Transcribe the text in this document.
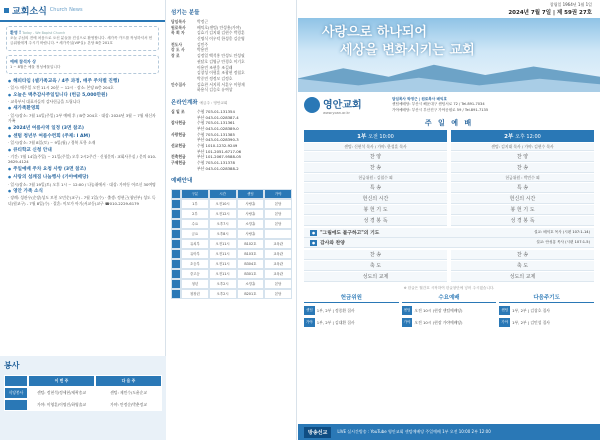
교회소식 Church News
환영 ! Today - We Bapist Church
오늘 주님의 전에 처음으로 오신 분들을 진심으로 환영합니다. 새가족 카드를 작성하셔서 헌금위원에게 주시기 바랍니다. * 세가족실(VIP실): 본당 B층 201호
예배 참석자 상
1 ~ 8월은 예물 정성예물입니다
● 해피타임 (셀가족교육 / 4주 과정, 매주 주차별 진행)
· 일시: 매주일 오전 11시 20분 ~ 12시 · 장소: 본당 B층 204호
● 오늘은 맥추감사주일입니다 (헌금 5,000만원)
· 교육부서 대표자들의 감사헌금을 드립니다
● 새가족환영회
· 일시/장소: 7월 14일(주일) 2부 예배 후 / B층 204호 · 대상: 2024년 3월 ~ 7월 새신자 가족
● 2024년 여름사역 일정 (3면 참조)
● 센텀 청년부 여름수련회 (주제: I AM)
· 일시/장소: 7월 8일(토) ~ 9일(월) / 경북 포항 소재
● 큐티학교 신청 안내
· 기간: 7월 14일(주일) ~ 21일(주일) 오후 2시2주간 · 신청문의: 교회사무실 / 문의 010-2629-4124
● 주일예배 주차 요청 사항 (3면 참조)
● 사랑의 섬깨짐 나눔행사 (가야예배당)
· 일시/장소: 7월 19일(토) 오후 1시 ~ 12:00 / 나눔취에서 · 대상: 가야동 어르신 30여명
● 영안 가족 소식
· 장례: 성관우(순장)성도 모친 오민순(교구) - 7월 1일(수) · 출생: 정현근(청년부) 성도 득녀(원교구) - 7월 8일(수) · 결혼: 이모가 아기(서교동)교구 ☎010-2229-6179
봉사
이 번 주	다 음 주
식당봉사	센텀: 정현석/정세현/제곽송교	센텀: 제민수/도윤순교
가야: 이영훈/이명진/하영솔교	가야: 안정순/박춘정교
섬기는 분들
담임목사	박정근
원로목사	배익호(센텀) 안성흥(가야)
목 회 자	김효기 김지대 김현수 박경훈
신명식 이우덕 한성웅 김순영
전도사	김민주
강 도 사	박용빈
장 로	김정일 백석홍 안성도 안성필
권달호 김영규 안경호 이기호
이용민 조현웅 조길래
김창성 이형훈 조광현 정철호
박중민 정정모 김정호
안수집사	김효찬 서지희 서훈우 이형재
하용식 김승호 유여상
온라인계좌 예금주 : 영안교회
십 일 조	수협 703-01-131354
부산 043-01-028387-4
감사헌금	수협 703-01-131361
부산 043-01-028389-0
사랑헌금	수협 703-01-131385
부산 043-01-028390-3
선교헌금	수협 1010-1232-9249
부산 101-2051-6717-06
건축헌금	부산 101-2067-9588-05
구제헌금	수협 703-01-131378
부산 043-01-028388-2
예배안내
구분	시간	센텀	가야
1부	오전10시	사랑홀	본당
2부	오전12시	사랑홀	본당
수요	오후7시	소망홀	본당
금요	오후8시	사랑홀
유치부	오전11시	B102호	교육관
유아부	오전11시	B103호	교육관
초등부	오전11시	B304호	교육관
중고등	오전11시	B301호	교육관
청년	오후2시	소망홀	본당
청장년	오후2시	B201호	본당
창립일 1964년 1월 1일
2024년 7월 7일 | 제 59권 27호
사랑으로 하나되어
세상을 변화시키는 교회
영안교회
www.yoan.or.kr
담임목사 박정근 | 원로목사 배익호
센텀예배당: 부산시 해운대구 센텀서로 72 / Tel.891-7034
가야예배당: 부산시 부산진구 가야공원로 59 / Tel.891-7135
주 일 예 배
1부 오전 10:00
센텀: 신현석 목사 / 가야: 한성훈 목사
찬 양
찬 송
헌금위원 : 김철수 외
특 송
헌신의 시간
봉 헌 기 도
성 경 봉 독
2부 오후 12:00
센텀: 김지대 목사 / 가야: 김현수 목사
찬 양
찬 송
헌금위원 : 박민수 외
특 송
헌신의 시간
봉 헌 기 도
성 경 봉 독
●	"그림에도 불구하고"의 기도	설교: 배익호 목사 (시편 107:1-14)
●	감사와 찬양	설교: 안성흥 목사 (시편 107:1-5)
찬 송
축 도
성도의 교제
찬 송
축 도
성도의 교제
※ 한글은 월간호 시작하여 한글창단에 넣어 주시겠습니다.
헌금위원
센텀	1부, 2부 | 정종환 집사
가야	1부, 2부 | 김대환 집사
수요예배
센텀	오전 10시 (현장 센텀예배당)
가야	오전 10시 (현장 가야예배당)
다음주기도
센텀	1부, 2부 | 김창호 집사
가야	1부, 2부 | 김민성 집사
방송선교	LIVE 실시간방송 : YouTube 영안교회 센텀예배당 주일예배 1부 오전 10:00 2부 12:00
